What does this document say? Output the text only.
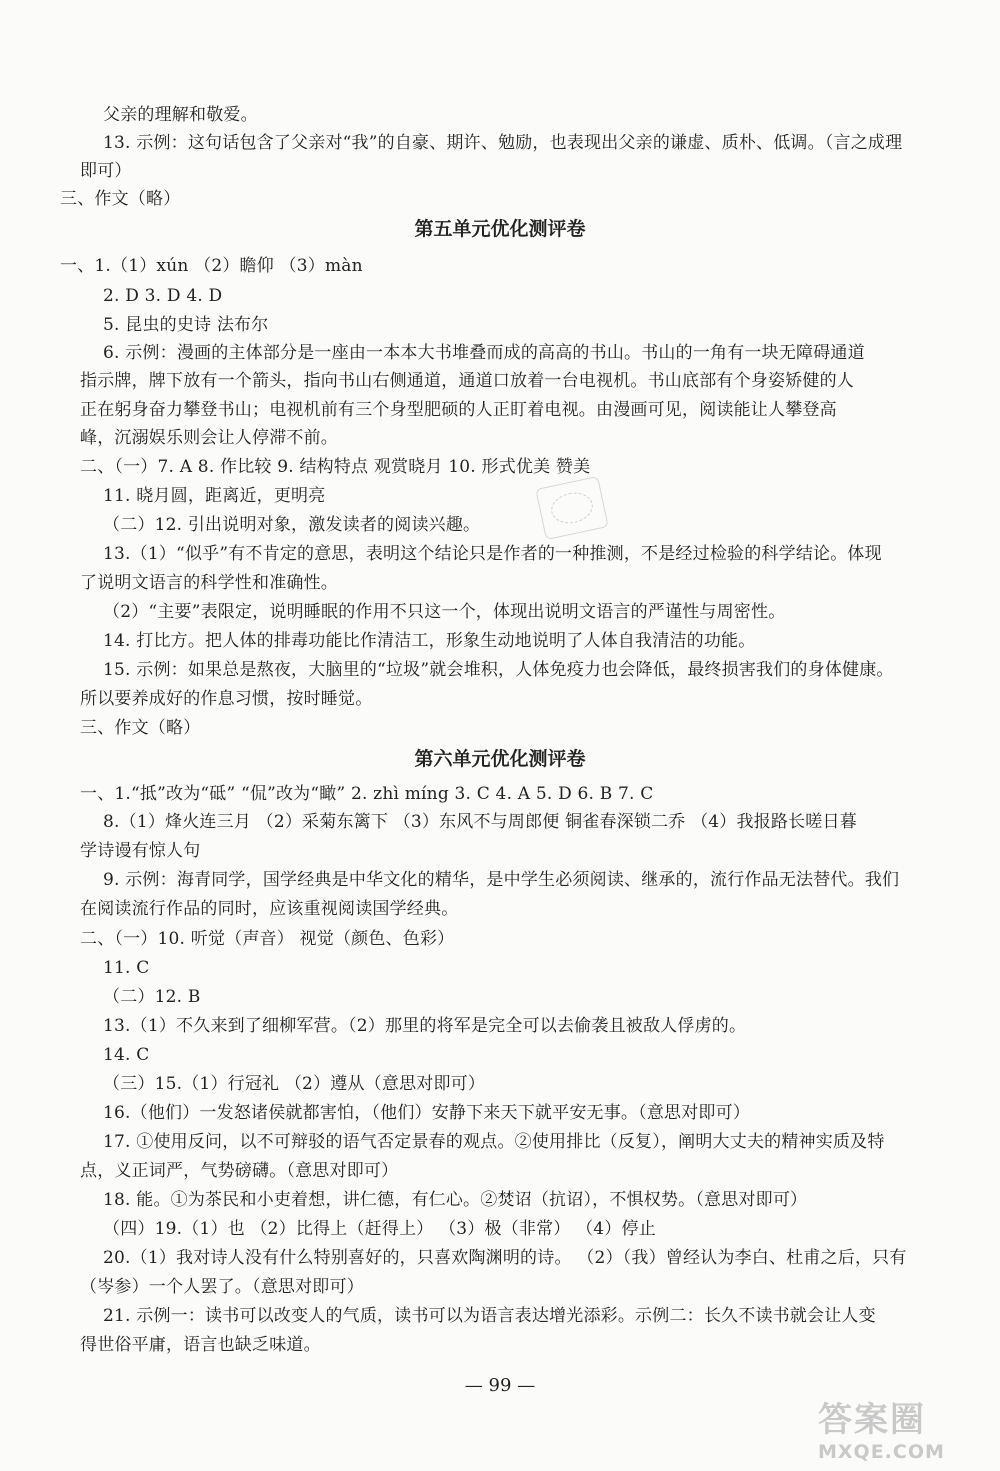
父亲的理解和敬爱。
13. 示例：这句话包含了父亲对“我”的自豪、期许、勉励，也表现出父亲的谦虚、质朴、低调。（言之成理
即可）
三、作文（略）
第五单元优化测评卷
一、1.（1）xún （2）瞻仰 （3）màn
2. D 3. D 4. D
5. 昆虫的史诗 法布尔
6. 示例：漫画的主体部分是一座由一本本大书堆叠而成的高高的书山。书山的一角有一块无障碍通道
指示牌，牌下放有一个箭头，指向书山右侧通道，通道口放着一台电视机。书山底部有个身姿矫健的人
正在躬身奋力攀登书山；电视机前有三个身型肥硕的人正盯着电视。由漫画可见，阅读能让人攀登高
峰，沉溺娱乐则会让人停滞不前。
二、（一）7. A 8. 作比较 9. 结构特点 观赏晓月 10. 形式优美 赞美
11. 晓月圆，距离近，更明亮
（二）12. 引出说明对象，激发读者的阅读兴趣。
13.（1）“似乎”有不肯定的意思，表明这个结论只是作者的一种推测，不是经过检验的科学结论。体现
了说明文语言的科学性和准确性。
（2）“主要”表限定，说明睡眠的作用不只这一个，体现出说明文语言的严谨性与周密性。
14. 打比方。把人体的排毒功能比作清洁工，形象生动地说明了人体自我清洁的功能。
15. 示例：如果总是熬夜，大脑里的“垃圾”就会堆积，人体免疫力也会降低，最终损害我们的身体健康。
所以要养成好的作息习惯，按时睡觉。
三、作文（略）
第六单元优化测评卷
一、1.“抵”改为“砥” “侃”改为“瞰” 2. zhì míng 3. C 4. A 5. D 6. B 7. C
8.（1）烽火连三月 （2）采菊东篱下 （3）东风不与周郎便 铜雀春深锁二乔 （4）我报路长嗟日暮
学诗谩有惊人句
9. 示例：海青同学，国学经典是中华文化的精华，是中学生必须阅读、继承的，流行作品无法替代。我们
在阅读流行作品的同时，应该重视阅读国学经典。
二、（一）10. 听觉（声音） 视觉（颜色、色彩）
11. C
（二）12. B
13.（1）不久来到了细柳军营。（2）那里的将军是完全可以去偷袭且被敌人俘虏的。
14. C
（三）15.（1）行冠礼 （2）遵从（意思对即可）
16.（他们）一发怒诸侯就都害怕，（他们）安静下来天下就平安无事。（意思对即可）
17. ①使用反问，以不可辩驳的语气否定景春的观点。②使用排比（反复），阐明大丈夫的精神实质及特
点，义正词严，气势磅礴。（意思对即可）
18. 能。①为茶民和小吏着想，讲仁德，有仁心。②焚诏（抗诏），不惧权势。（意思对即可）
（四）19.（1）也 （2）比得上（赶得上） （3）极（非常） （4）停止
20.（1）我对诗人没有什么特别喜好的，只喜欢陶渊明的诗。 （2）（我）曾经认为李白、杜甫之后，只有
（岑参）一个人罢了。（意思对即可）
21. 示例一：读书可以改变人的气质，读书可以为语言表达增光添彩。示例二：长久不读书就会让人变
得世俗平庸，语言也缺乏味道。
— 99 —
答案圈
MXQE.COM
